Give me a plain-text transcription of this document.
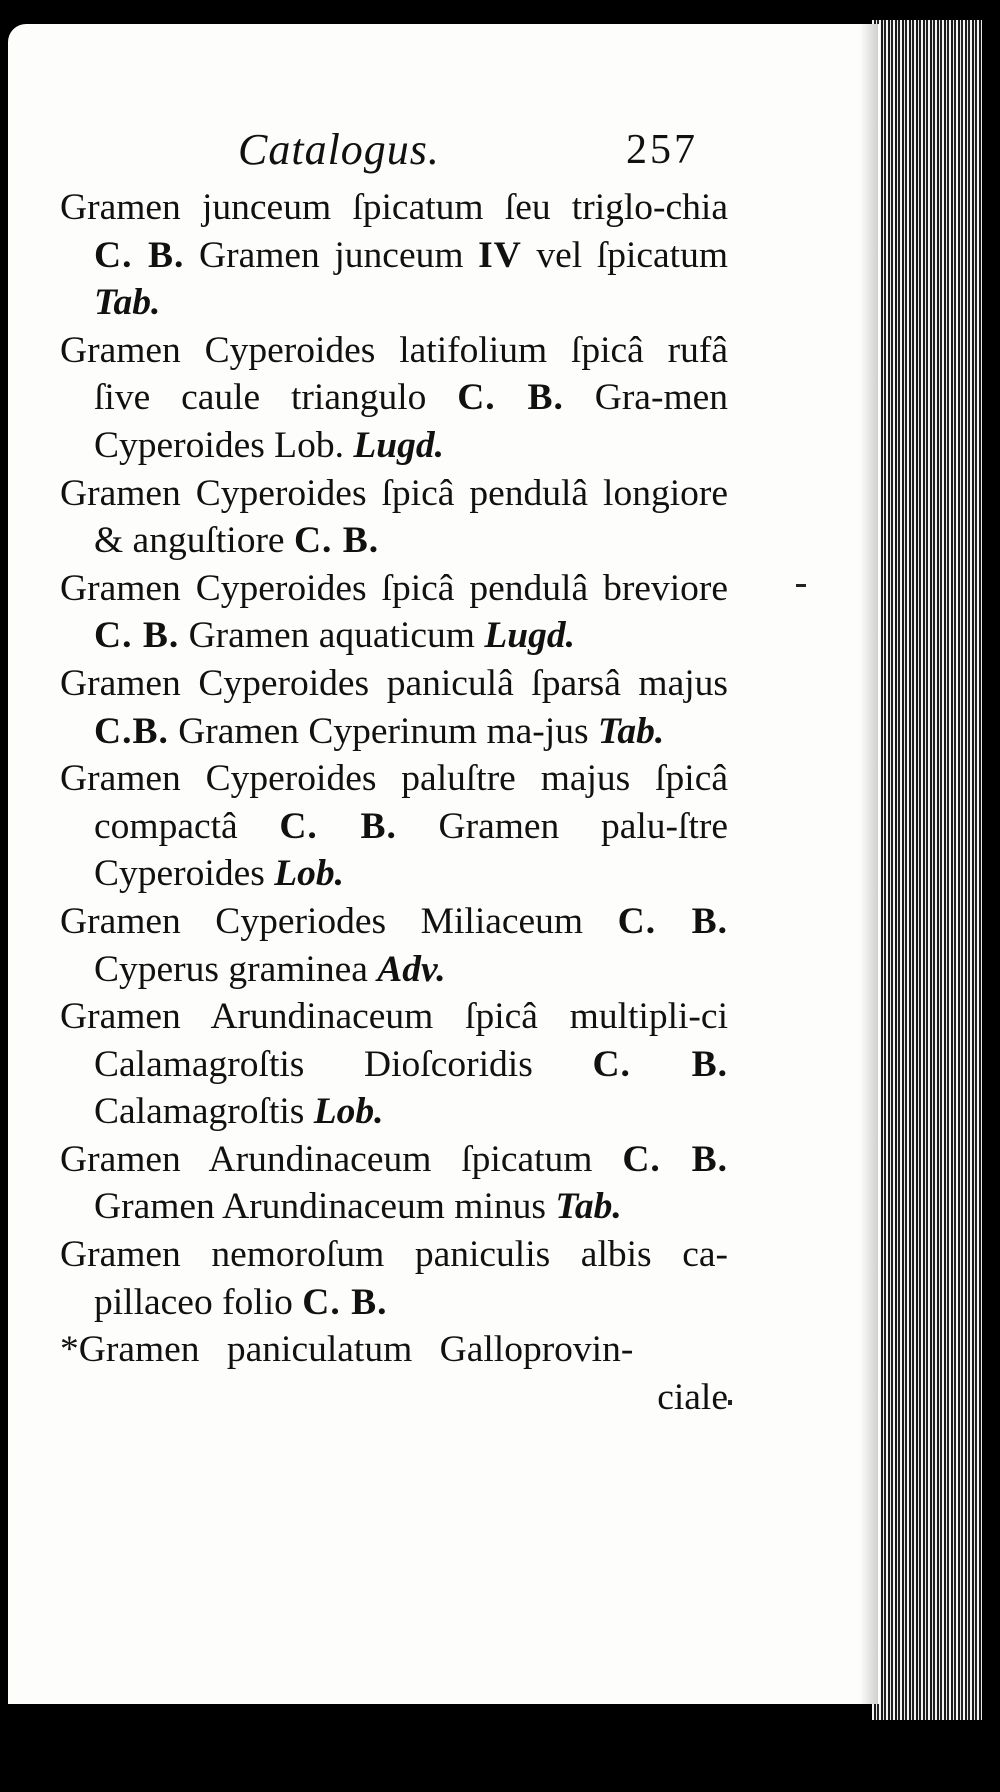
Catalogus.	257

Gramen junceum ſpicatum ſeu triglo-chia C. B. Gramen junceum IV vel ſpicatum Tab.

Gramen Cyperoides latifolium ſpicâ rufâ ſive caule triangulo C. B. Gra-men Cyperoides Lob. Lugd.

Gramen Cyperoides ſpicâ pendulâ longiore & anguſtiore C. B.

Gramen Cyperoides ſpicâ pendulâ breviore C. B. Gramen aquaticum Lugd.

Gramen Cyperoides paniculâ ſparsâ majus C.B. Gramen Cyperinum ma-jus Tab.

Gramen Cyperoides paluſtre majus ſpicâ compactâ C. B. Gramen palu-ſtre Cyperoides Lob.

Gramen Cyperiodes Miliaceum C. B. Cyperus graminea Adv.

Gramen Arundinaceum ſpicâ multipli-ci Calamagroſtis Dioſcoridis C. B. Calamagroſtis Lob.

Gramen Arundinaceum ſpicatum C. B. Gramen Arundinaceum minus Tab.

Gramen nemoroſum paniculis albis ca-pillaceo folio C. B.

*Gramen paniculatum Galloprovin-

ciale
